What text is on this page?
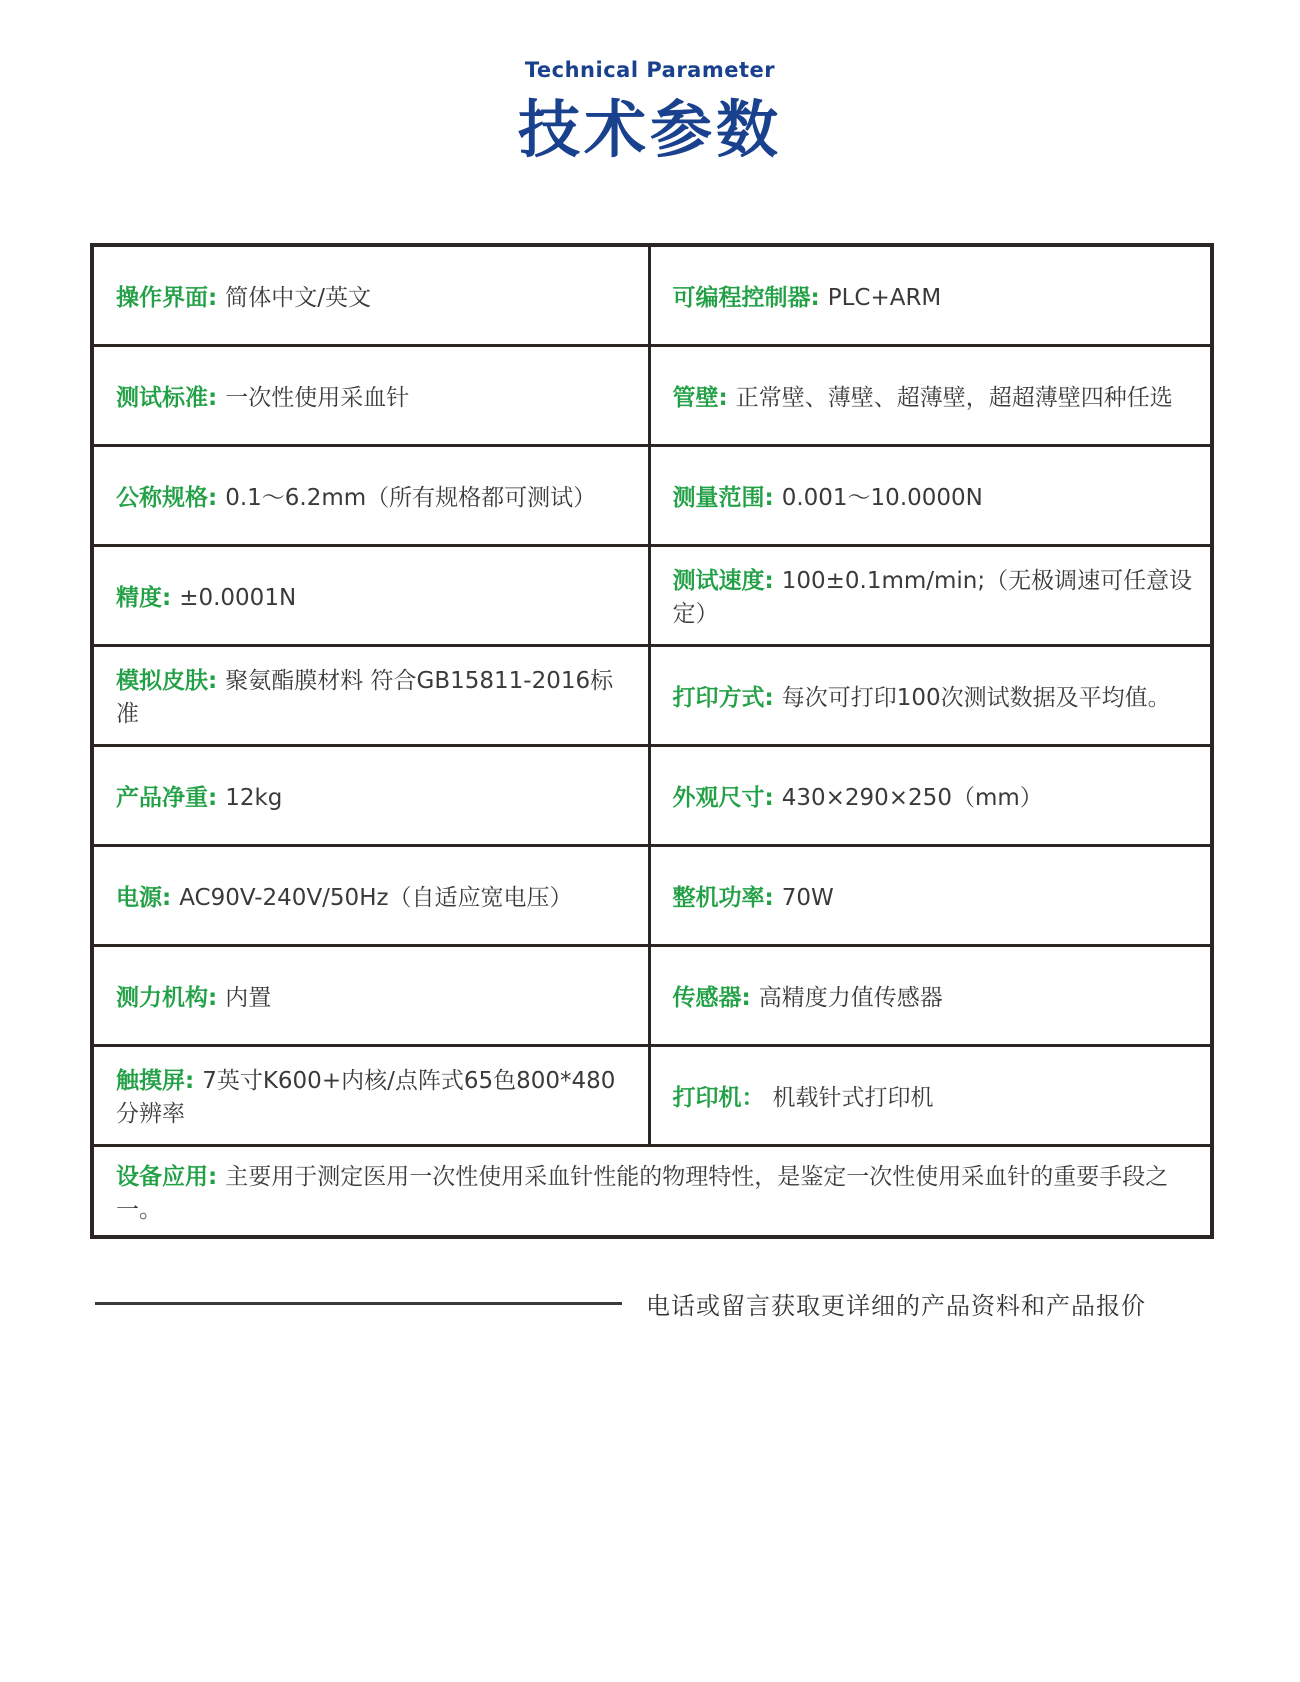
Technical Parameter
技术参数
操作界面: 简体中文/英文	可编程控制器: PLC+ARM
测试标准: 一次性使用采血针	管壁: 正常壁、薄壁、超薄壁，超超薄壁四种任选
公称规格: 0.1～6.2mm（所有规格都可测试）	测量范围: 0.001～10.0000N
精度: ±0.0001N	测试速度: 100±0.1mm/min;（无极调速可任意设定）
模拟皮肤: 聚氨酯膜材料 符合GB15811-2016标准	打印方式: 每次可打印100次测试数据及平均值。
产品净重: 12kg	外观尺寸: 430×290×250（mm）
电源: AC90V-240V/50Hz（自适应宽电压）	整机功率: 70W
测力机构: 内置	传感器: 高精度力值传感器
触摸屏: 7英寸K600+内核/点阵式65色800*480分辨率	打印机： 机载针式打印机
设备应用: 主要用于测定医用一次性使用采血针性能的物理特性，是鉴定一次性使用采血针的重要手段之一。	
电话或留言获取更详细的产品资料和产品报价
